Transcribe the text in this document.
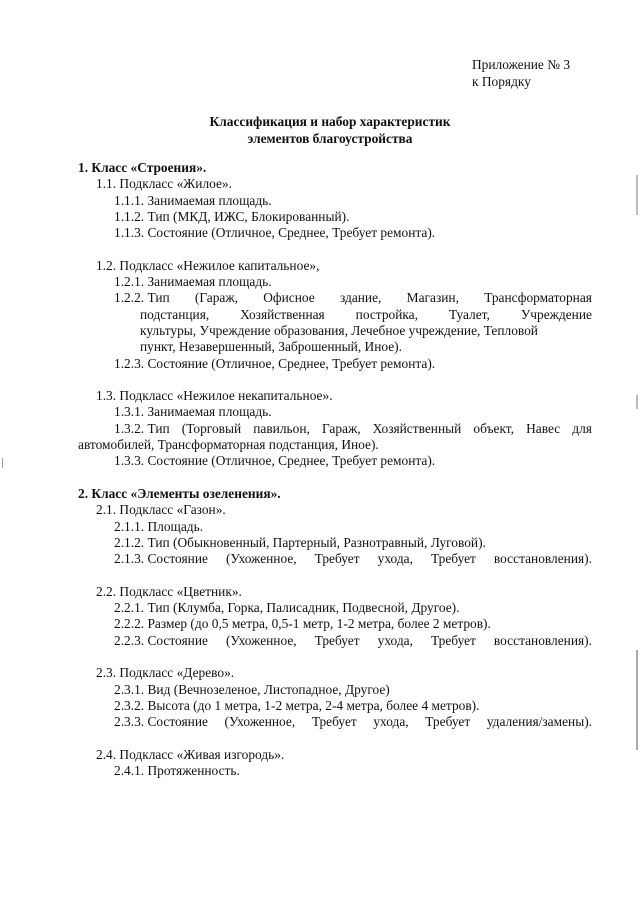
Приложение № 3
к Порядку
Классификация и набор характеристик
элементов благоустройства
1. Класс «Строения».
1.1. Подкласс «Жилое».
1.1.1. Занимаемая площадь.
1.1.2. Тип (МКД, ИЖС, Блокированный).
1.1.3. Состояние (Отличное, Среднее, Требует ремонта).
1.2. Подкласс «Нежилое капитальное»,
1.2.1. Занимаемая площадь.
1.2.2. Тип (Гараж, Офисное здание, Магазин, Трансформаторная
подстанция, Хозяйственная постройка, Туалет, Учреждение
культуры, Учреждение образования, Лечебное учреждение, Тепловой
пункт, Незавершенный, Заброшенный, Иное).
1.2.3. Состояние (Отличное, Среднее, Требует ремонта).
1.3. Подкласс «Нежилое некапитальное».
1.3.1. Занимаемая площадь.
1.3.2. Тип (Торговый павильон, Гараж, Хозяйственный объект, Навес для
автомобилей, Трансформаторная подстанция, Иное).
1.3.3. Состояние (Отличное, Среднее, Требует ремонта).
2. Класс «Элементы озеленения».
2.1. Подкласс «Газон».
2.1.1. Площадь.
2.1.2. Тип (Обыкновенный, Партерный, Разнотравный, Луговой).
2.1.3. Состояние (Ухоженное, Требует ухода, Требует восстановления).
2.2. Подкласс «Цветник».
2.2.1. Тип (Клумба, Горка, Палисадник, Подвесной, Другое).
2.2.2. Размер (до 0,5 метра, 0,5-1 метр, 1-2 метра, более 2 метров).
2.2.3. Состояние (Ухоженное, Требует ухода, Требует восстановления).
2.3. Подкласс «Дерево».
2.3.1. Вид (Вечнозеленое, Листопадное, Другое)
2.3.2. Высота (до 1 метра, 1-2 метра, 2-4 метра, более 4 метров).
2.3.3. Состояние (Ухоженное, Требует ухода, Требует удаления/замены).
2.4. Подкласс «Живая изгородь».
2.4.1. Протяженность.
